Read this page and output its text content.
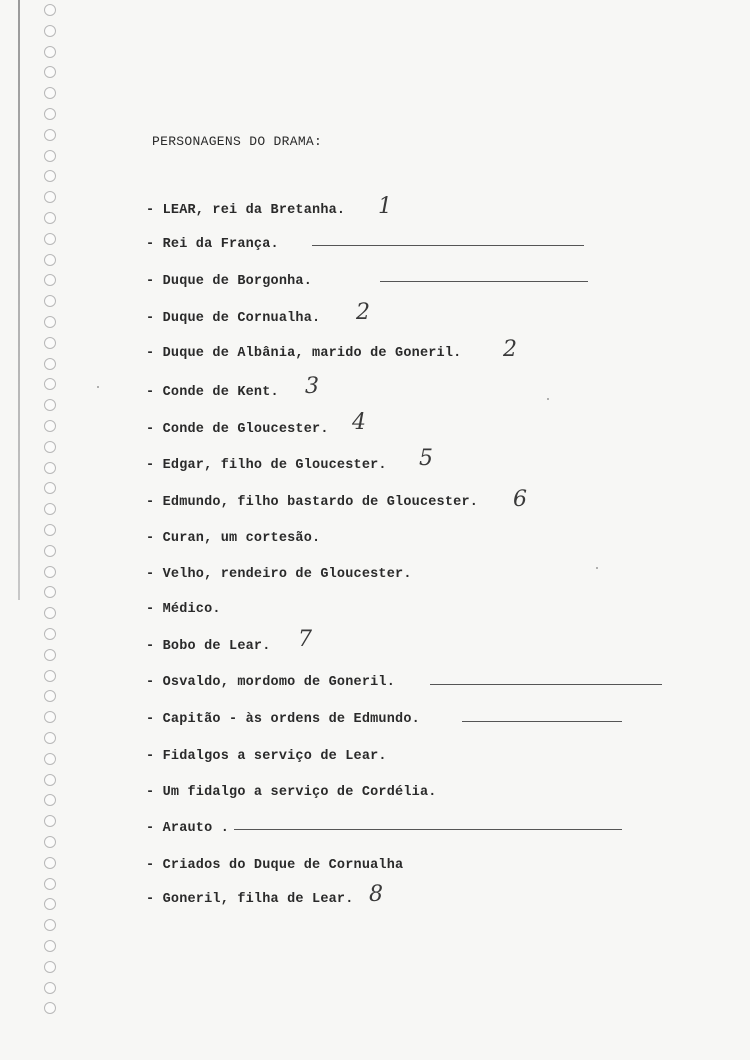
PERSONAGENS DO DRAMA:
- LEAR, rei da Bretanha. 1
- Rei da França.
- Duque de Borgonha.
- Duque de Cornualha. 2
- Duque de Albânia, marido de Goneril. 2
- Conde de Kent. 3
- Conde de Gloucester. 4
- Edgar, filho de Gloucester. 5
- Edmundo, filho bastardo de Gloucester. 6
- Curan, um cortesão.
- Velho, rendeiro de Gloucester.
- Médico.
- Bobo de Lear. 7
- Osvaldo, mordomo de Goneril.
- Capitão - às ordens de Edmundo.
- Fidalgos a serviço de Lear.
- Um fidalgo a serviço de Cordélia.
- Arauto .
- Criados do Duque de Cornualha
- Goneril, filha de Lear. 8
